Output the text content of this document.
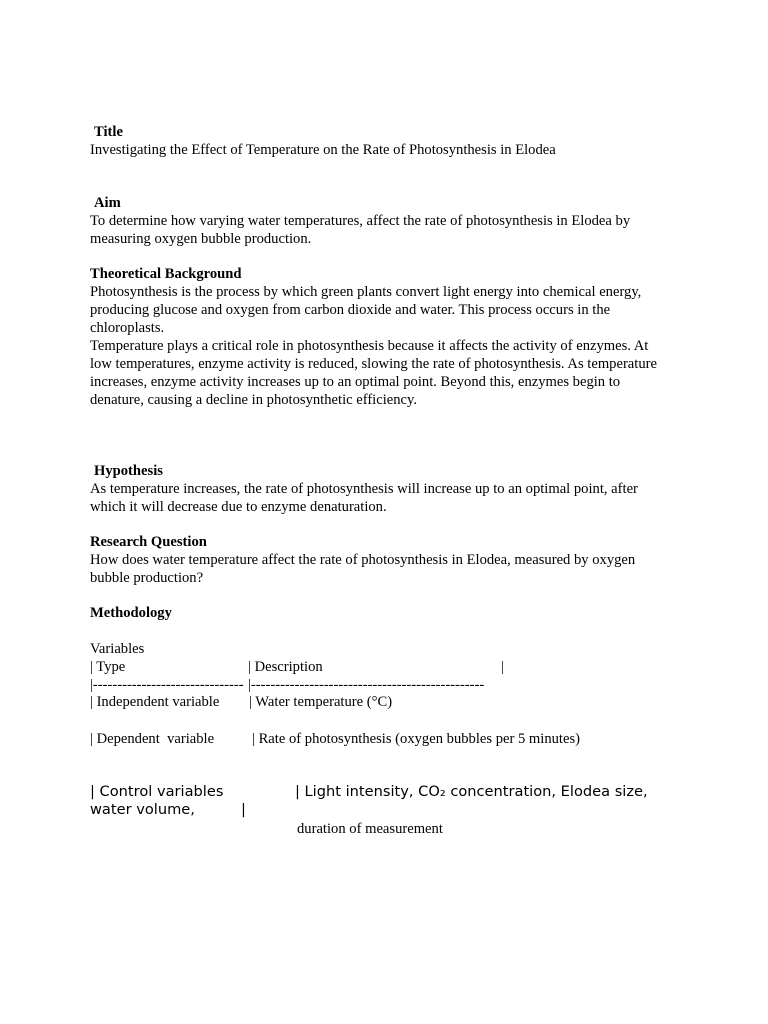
Title
Investigating the Effect of Temperature on the Rate of Photosynthesis in Elodea
Aim
To determine how varying water temperatures, affect the rate of photosynthesis in Elodea by
measuring oxygen bubble production.
Theoretical Background
Photosynthesis is the process by which green plants convert light energy into chemical energy,
producing glucose and oxygen from carbon dioxide and water. This process occurs in the
chloroplasts.
Temperature plays a critical role in photosynthesis because it affects the activity of enzymes. At
low temperatures, enzyme activity is reduced, slowing the rate of photosynthesis. As temperature
increases, enzyme activity increases up to an optimal point. Beyond this, enzymes begin to
denature, causing a decline in photosynthetic efficiency.
Hypothesis
As temperature increases, the rate of photosynthesis will increase up to an optimal point, after
which it will decrease due to enzyme denaturation.
Research Question
How does water temperature affect the rate of photosynthesis in Elodea, measured by oxygen
bubble production?
Methodology
Variables
| Type	| Description	|
|------------------------------- |------------------------------------------------
| Independent variable | Water temperature (°C)
| Dependent  variable	| Rate of photosynthesis (oxygen bubbles per 5 minutes)
| Control variables	| Light intensity, CO₂ concentration, Elodea size,
water volume,	|
duration of measurement
